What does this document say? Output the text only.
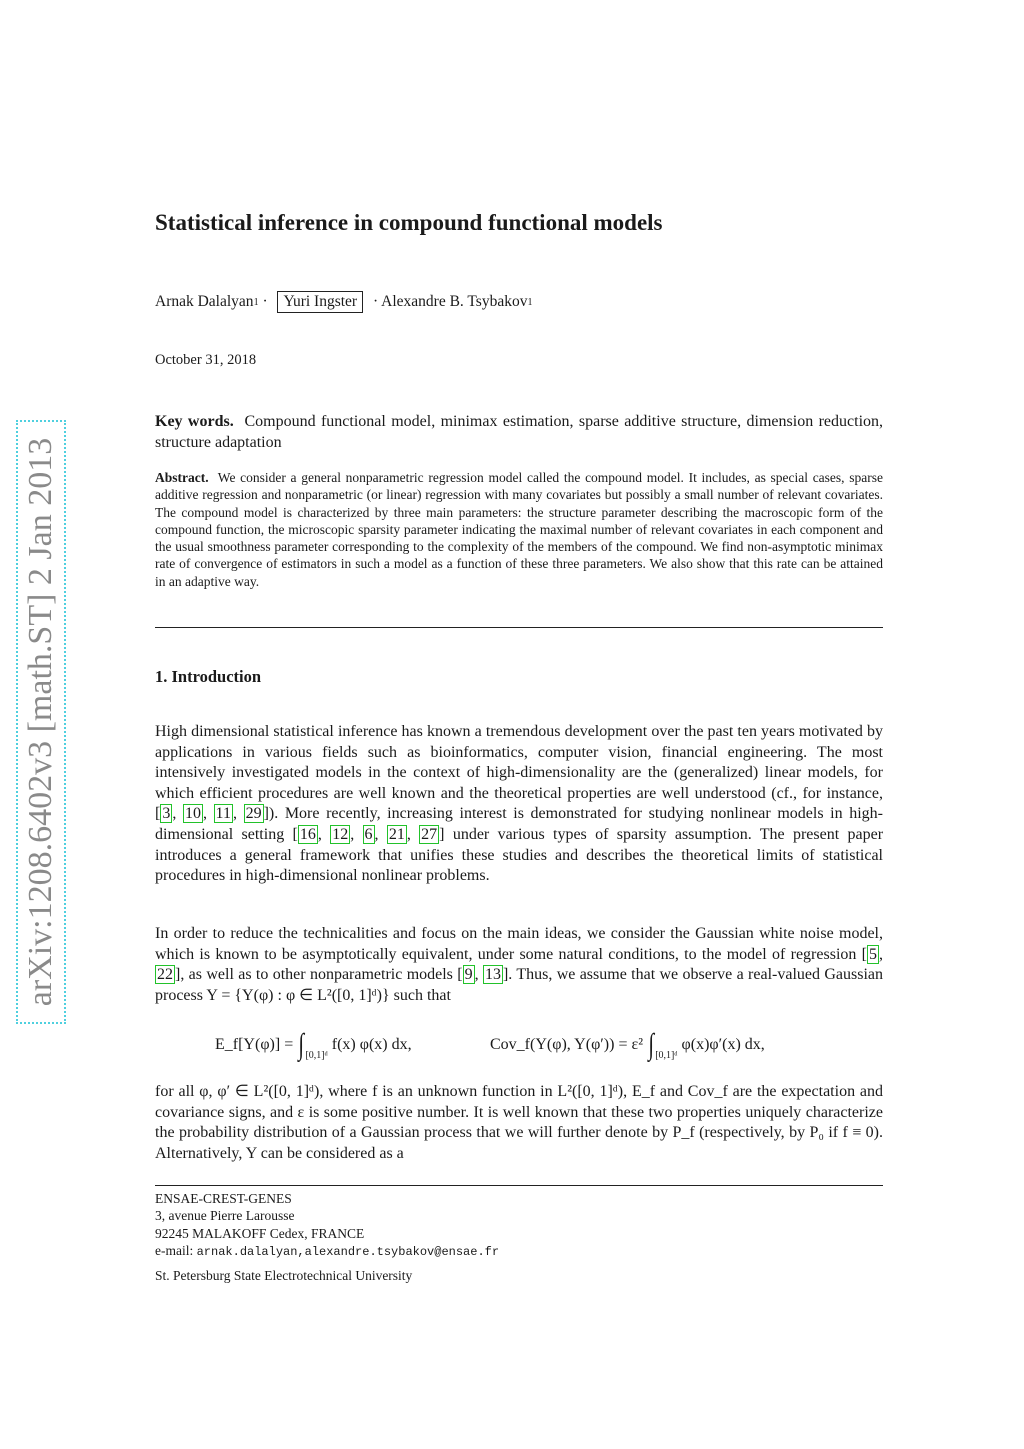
arXiv:1208.6402v3 [math.ST] 2 Jan 2013
Statistical inference in compound functional models
Arnak Dalalyan 1 · Yuri Ingster · Alexandre B. Tsybakov 1
October 31, 2018
Key words. Compound functional model, minimax estimation, sparse additive structure, dimension reduction, structure adaptation
Abstract. We consider a general nonparametric regression model called the compound model. It includes, as special cases, sparse additive regression and nonparametric (or linear) regression with many covariates but possibly a small number of relevant covariates. The compound model is characterized by three main parameters: the structure parameter describing the macroscopic form of the compound function, the microscopic sparsity parameter indicating the maximal number of relevant covariates in each component and the usual smoothness parameter corresponding to the complexity of the members of the compound. We find non-asymptotic minimax rate of convergence of estimators in such a model as a function of these three parameters. We also show that this rate can be attained in an adaptive way.
1. Introduction
High dimensional statistical inference has known a tremendous development over the past ten years motivated by applications in various fields such as bioinformatics, computer vision, financial engineering. The most intensively investigated models in the context of high-dimensionality are the (generalized) linear models, for which efficient procedures are well known and the theoretical properties are well understood (cf., for instance, [ 3 , 10 , 11 , 29 ]). More recently, increasing interest is demonstrated for studying nonlinear models in high-dimensional setting [ 16 , 12 , 6 , 21 , 27 ] under various types of sparsity assumption. The present paper introduces a general framework that unifies these studies and describes the theoretical limits of statistical procedures in high-dimensional nonlinear problems.
In order to reduce the technicalities and focus on the main ideas, we consider the Gaussian white noise model, which is known to be asymptotically equivalent, under some natural conditions, to the model of regression [ 5 , 22 ], as well as to other nonparametric models [ 9 , 13 ]. Thus, we assume that we observe a real-valued Gaussian process Y = {Y(φ) : φ ∈ L²([0, 1]ᵈ)} such that
E_f[Y(φ)] =
∫ [0,1]ᵈ

f(x) φ(x) dx,	Cov_f(Y(φ), Y(φ′)) = ε²
∫ [0,1]ᵈ

φ(x)φ′(x) dx,
for all φ, φ′ ∈ L²([0, 1]ᵈ), where f is an unknown function in L²([0, 1]ᵈ), E_f and Cov_f are the expectation and covariance signs, and ε is some positive number. It is well known that these two properties uniquely characterize the probability distribution of a Gaussian process that we will further denote by P_f (respectively, by P₀ if f ≡ 0). Alternatively, Y can be considered as a
ENSAE-CREST-GENES
3, avenue Pierre Larousse
92245 MALAKOFF Cedex, FRANCE
e-mail: arnak.dalalyan,alexandre.tsybakov@ensae.fr
St. Petersburg State Electrotechnical University
